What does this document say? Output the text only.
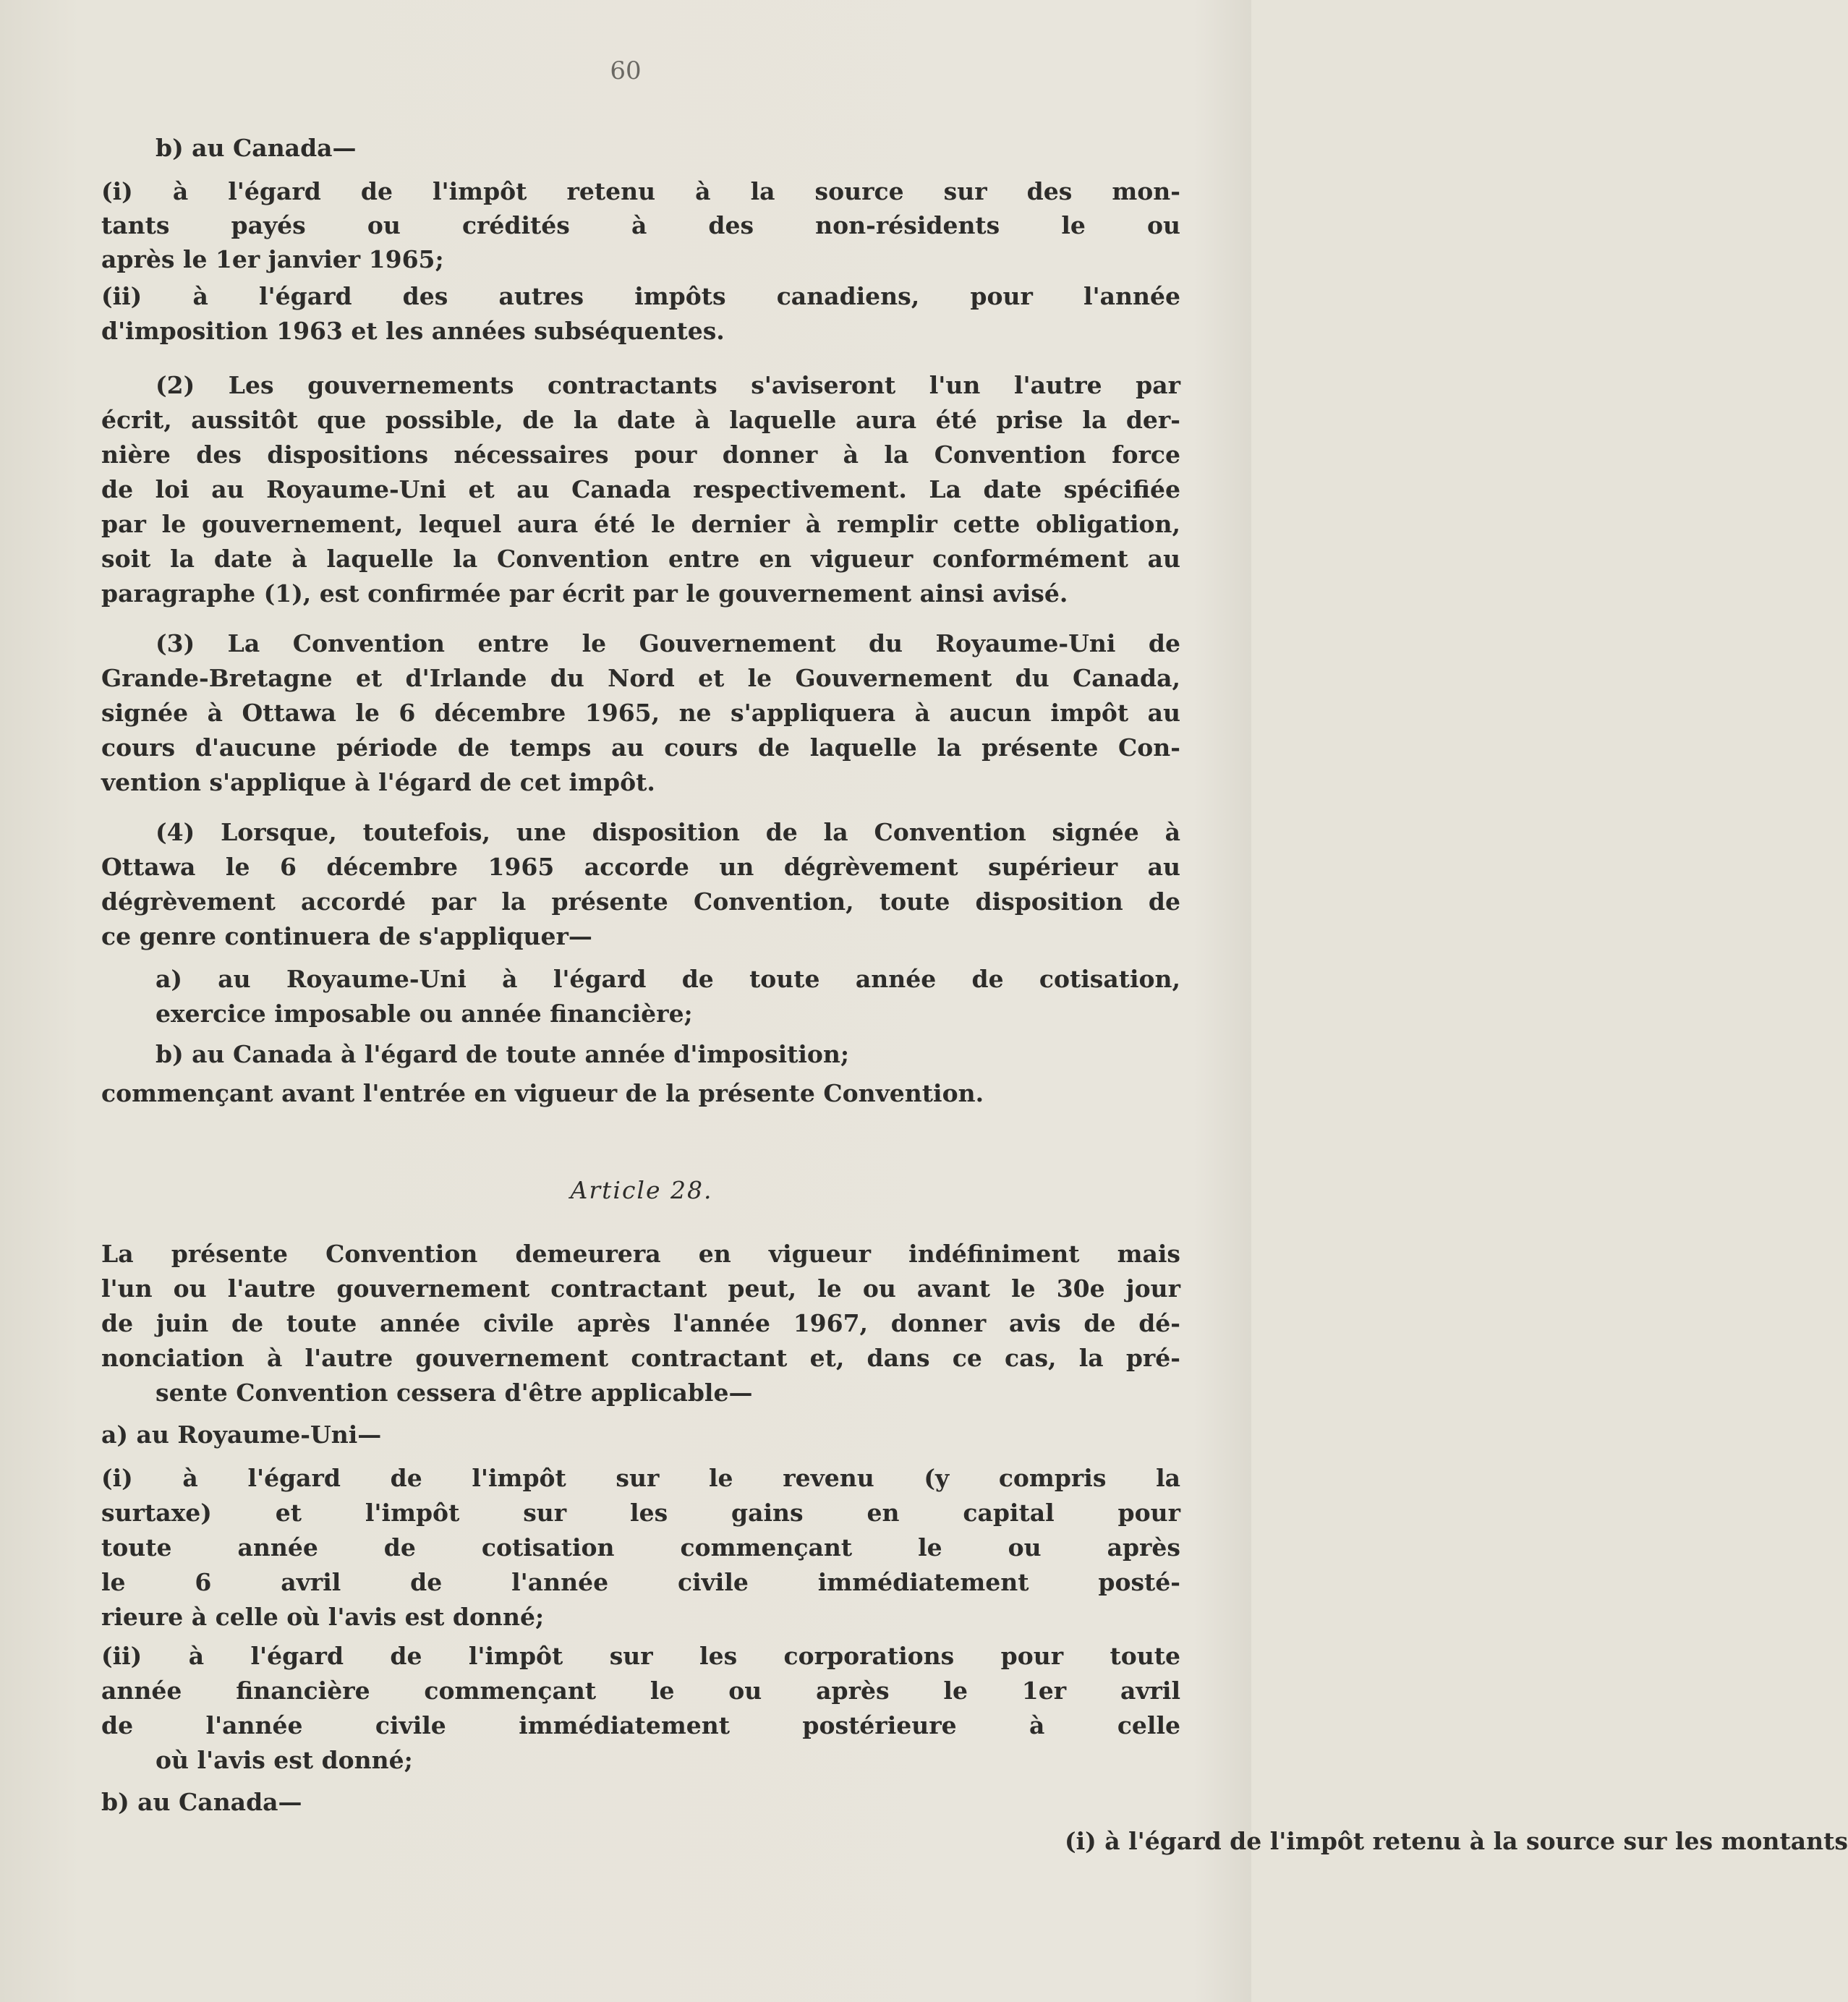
60
b) au Canada—
(i) à l'égard de l'impôt retenu à la source sur des mon-
tants payés ou crédités à des non-résidents le ou
après le 1er janvier 1965;
(ii) à l'égard des autres impôts canadiens, pour l'année
d'imposition 1963 et les années subséquentes.
(2) Les gouvernements contractants s'aviseront l'un l'autre par
écrit, aussitôt que possible, de la date à laquelle aura été prise la der-
nière des dispositions nécessaires pour donner à la Convention force
de loi au Royaume-Uni et au Canada respectivement. La date spécifiée
par le gouvernement, lequel aura été le dernier à remplir cette obligation,
soit la date à laquelle la Convention entre en vigueur conformément au
paragraphe (1), est confirmée par écrit par le gouvernement ainsi avisé.
(3) La Convention entre le Gouvernement du Royaume-Uni de
Grande-Bretagne et d'Irlande du Nord et le Gouvernement du Canada,
signée à Ottawa le 6 décembre 1965, ne s'appliquera à aucun impôt au
cours d'aucune période de temps au cours de laquelle la présente Con-
vention s'applique à l'égard de cet impôt.
(4) Lorsque, toutefois, une disposition de la Convention signée à
Ottawa le 6 décembre 1965 accorde un dégrèvement supérieur au
dégrèvement accordé par la présente Convention, toute disposition de
ce genre continuera de s'appliquer—
a) au Royaume-Uni à l'égard de toute année de cotisation,
exercice imposable ou année financière;
b) au Canada à l'égard de toute année d'imposition;
commençant avant l'entrée en vigueur de la présente Convention.
Article 28.
La présente Convention demeurera en vigueur indéfiniment mais
l'un ou l'autre gouvernement contractant peut, le ou avant le 30e jour
de juin de toute année civile après l'année 1967, donner avis de dé-
nonciation à l'autre gouvernement contractant et, dans ce cas, la pré-
sente Convention cessera d'être applicable—
a) au Royaume-Uni—
(i) à l'égard de l'impôt sur le revenu (y compris la
surtaxe) et l'impôt sur les gains en capital pour
toute année de cotisation commençant le ou après
le 6 avril de l'année civile immédiatement posté-
rieure à celle où l'avis est donné;
(ii) à l'égard de l'impôt sur les corporations pour toute
année financière commençant le ou après le 1er avril
de l'année civile immédiatement postérieure à celle
où l'avis est donné;
b) au Canada—
(i) à l'égard de l'impôt retenu à la source sur les montants
